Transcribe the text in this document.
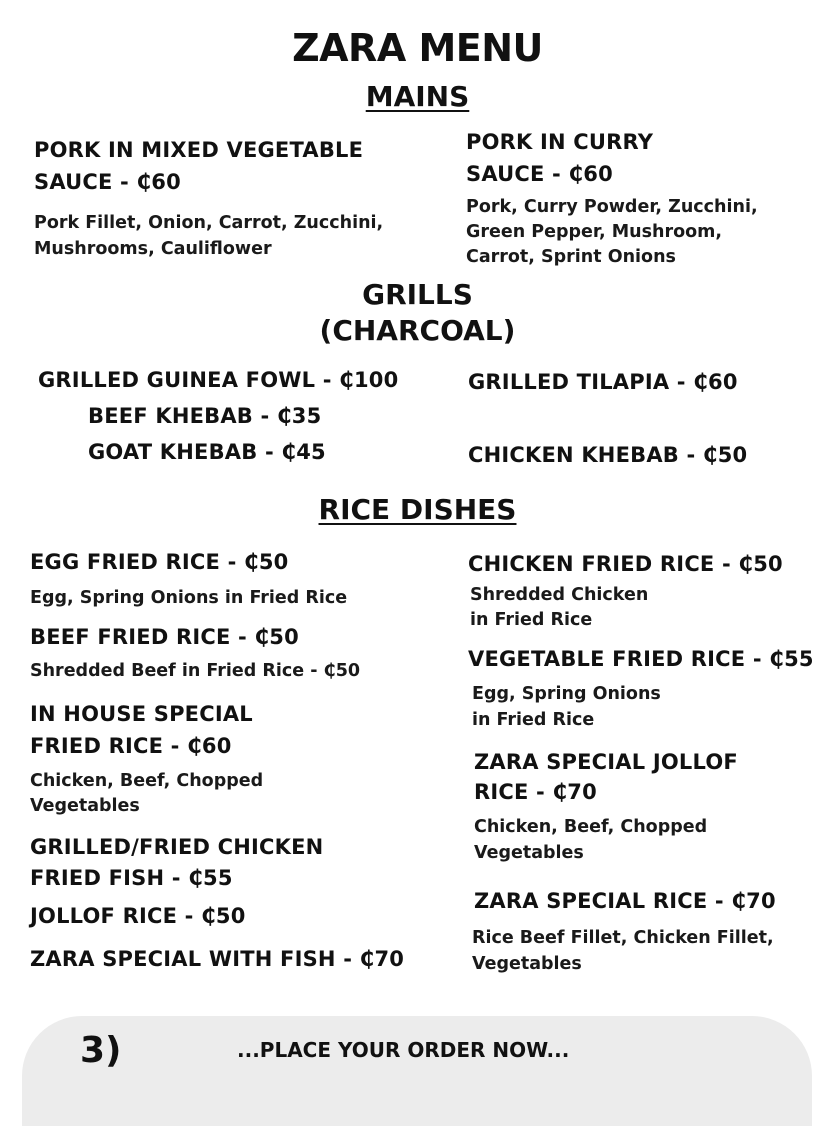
ZARA MENU
MAINS
PORK IN MIXED VEGETABLE
SAUCE - ₵60
Pork Fillet, Onion, Carrot, Zucchini,
Mushrooms, Cauliflower
PORK IN CURRY
SAUCE - ₵60
Pork, Curry Powder, Zucchini,
Green Pepper, Mushroom,
Carrot, Sprint Onions
GRILLS
(CHARCOAL)
GRILLED GUINEA FOWL - ₵100
BEEF KHEBAB - ₵35
GOAT KHEBAB - ₵45
GRILLED TILAPIA - ₵60
CHICKEN KHEBAB - ₵50
RICE DISHES
EGG FRIED RICE - ₵50
Egg, Spring Onions in Fried Rice
BEEF FRIED RICE - ₵50
Shredded Beef in Fried Rice - ₵50
IN HOUSE SPECIAL
FRIED RICE - ₵60
Chicken, Beef, Chopped
Vegetables
GRILLED/FRIED CHICKEN
FRIED FISH - ₵55
JOLLOF RICE - ₵50
ZARA SPECIAL WITH FISH - ₵70
CHICKEN FRIED RICE - ₵50
Shredded Chicken
in Fried Rice
VEGETABLE FRIED RICE - ₵55
Egg, Spring Onions
in Fried Rice
ZARA SPECIAL JOLLOF
RICE - ₵70
Chicken, Beef, Chopped
Vegetables
ZARA SPECIAL RICE - ₵70
Rice Beef Fillet, Chicken Fillet,
Vegetables
3)	...PLACE YOUR ORDER NOW...
